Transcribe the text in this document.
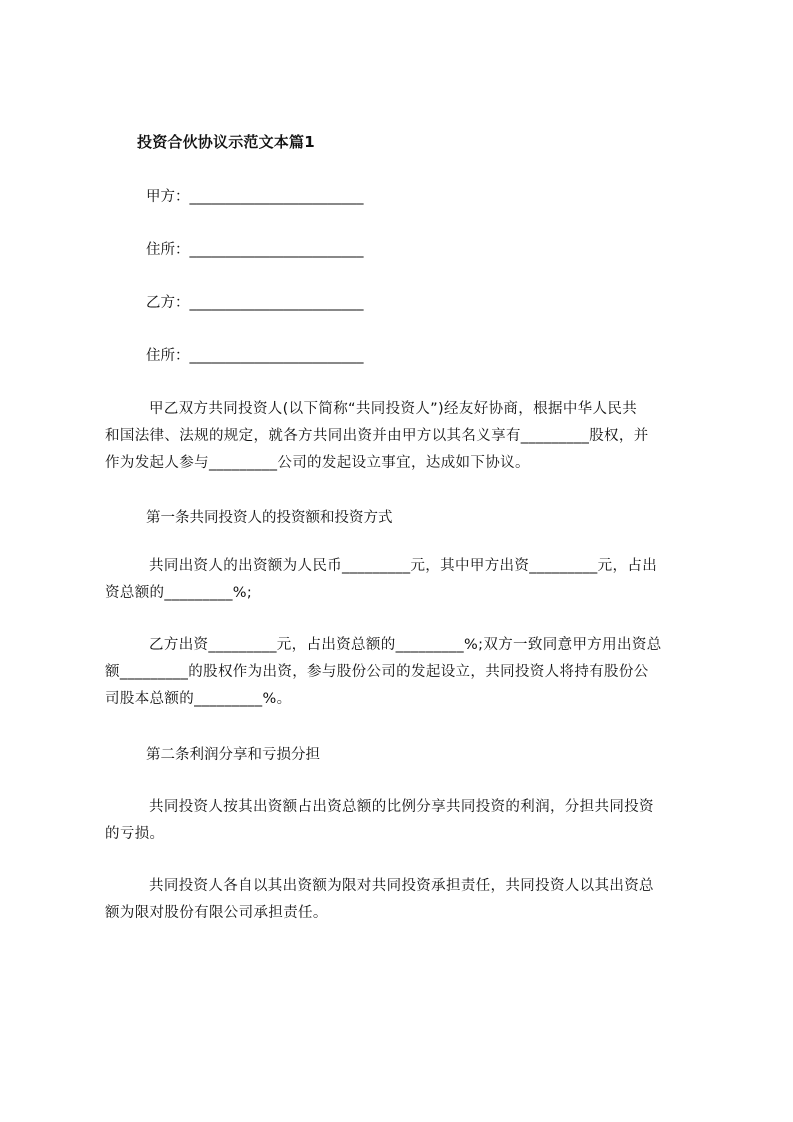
投资合伙协议示范文本篇1
甲方：________________________
住所：________________________
乙方：________________________
住所：________________________
甲乙双方共同投资人(以下简称“共同投资人”)经友好协商，根据中华人民共
和国法律、法规的规定，就各方共同出资并由甲方以其名义享有_________股权，并
作为发起人参与_________公司的发起设立事宜，达成如下协议。
第一条共同投资人的投资额和投资方式
共同出资人的出资额为人民币_________元，其中甲方出资_________元，占出
资总额的_________%;
乙方出资_________元，占出资总额的_________%;双方一致同意甲方用出资总
额_________的股权作为出资，参与股份公司的发起设立，共同投资人将持有股份公
司股本总额的_________%。
第二条利润分享和亏损分担
共同投资人按其出资额占出资总额的比例分享共同投资的利润，分担共同投资
的亏损。
共同投资人各自以其出资额为限对共同投资承担责任，共同投资人以其出资总
额为限对股份有限公司承担责任。
